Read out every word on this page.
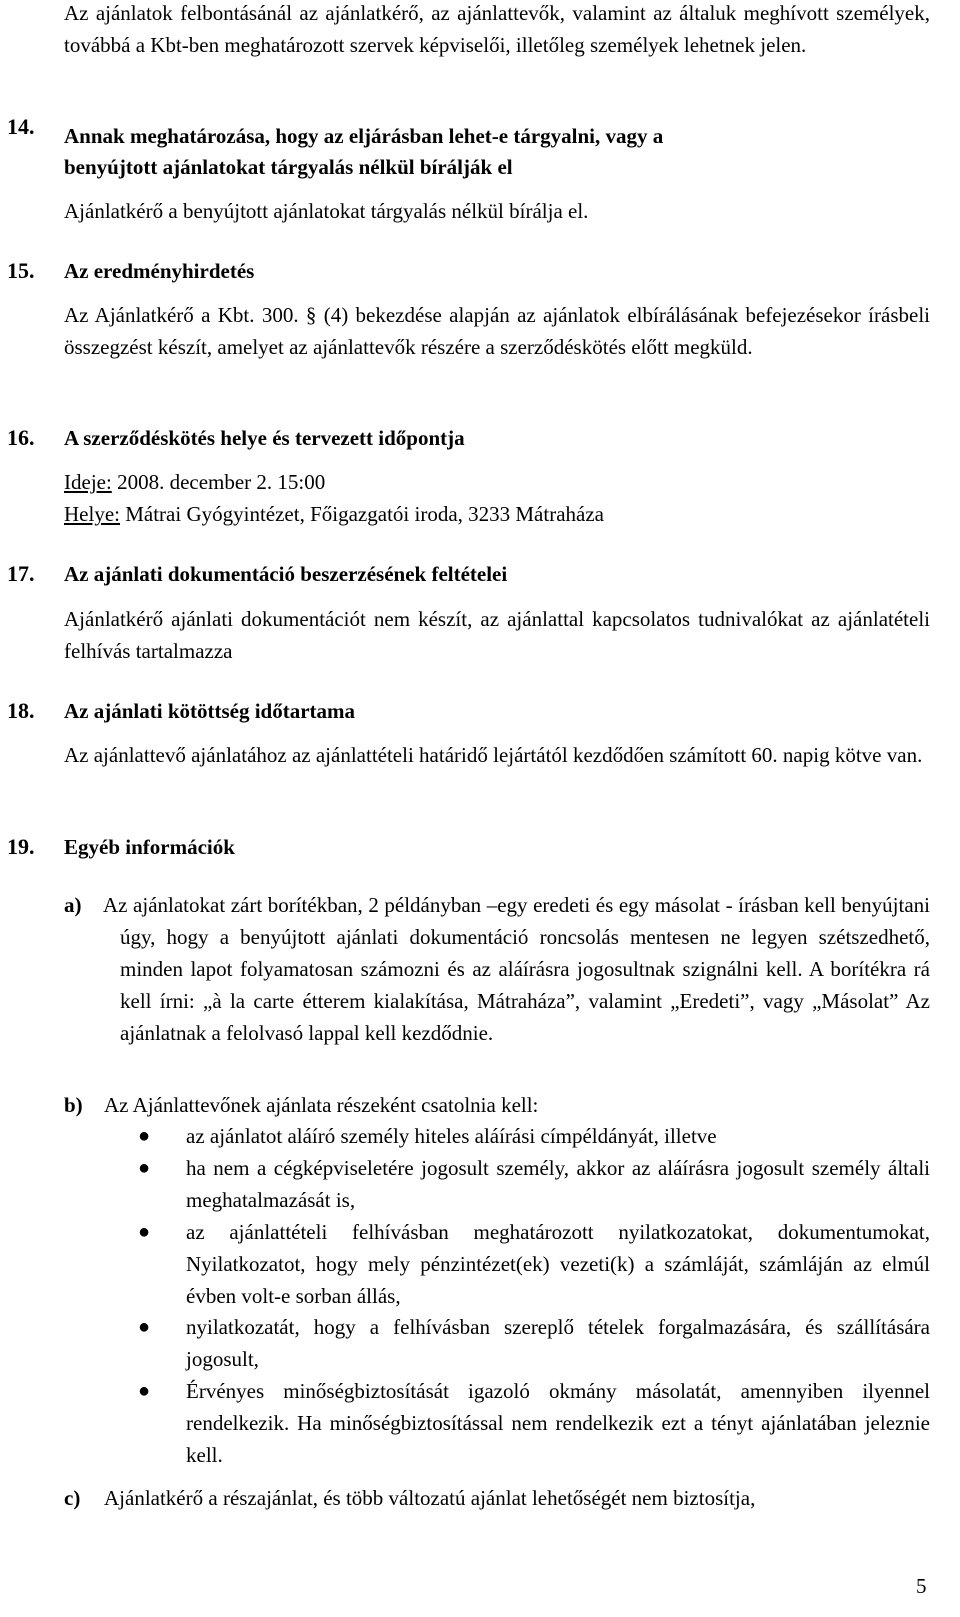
Az ajánlatok felbontásánál az ajánlatkérő, az ajánlattevők, valamint az általuk meghívott személyek, továbbá a Kbt-ben meghatározott szervek képviselői, illetőleg személyek lehetnek jelen.
14. Annak meghatározása, hogy az eljárásban lehet-e tárgyalni, vagy a
benyújtott ajánlatokat tárgyalás nélkül bírálják el
Ajánlatkérő a benyújtott ajánlatokat tárgyalás nélkül bírálja el.
15. Az eredményhirdetés
Az Ajánlatkérő a Kbt. 300. § (4) bekezdése alapján az ajánlatok elbírálásának befejezésekor írásbeli összegzést készít, amelyet az ajánlattevők részére a szerződéskötés előtt megküld.
16. A szerződéskötés helye és tervezett időpontja
Ideje: 2008. december 2. 15:00
Helye: Mátrai Gyógyintézet, Főigazgatói iroda, 3233 Mátraháza
17. Az ajánlati dokumentáció beszerzésének feltételei
Ajánlatkérő ajánlati dokumentációt nem készít, az ajánlattal kapcsolatos tudnivalókat az ajánlatételi felhívás tartalmazza
18. Az ajánlati kötöttség időtartama
Az ajánlattevő ajánlatához az ajánlattételi határidő lejártától kezdődően számított 60. napig kötve van.
19. Egyéb információk
a) Az ajánlatokat zárt borítékban, 2 példányban –egy eredeti és egy másolat - írásban kell benyújtani úgy, hogy a benyújtott ajánlati dokumentáció roncsolás mentesen ne legyen szétszedhető, minden lapot folyamatosan számozni és az aláírásra jogosultnak szignálni kell. A borítékra rá kell írni: „à la carte étterem kialakítása, Mátraháza”, valamint „Eredeti”, vagy „Másolat” Az ajánlatnak a felolvasó lappal kell kezdődnie.
b) Az Ajánlattevőnek ajánlata részeként csatolnia kell:
● az ajánlatot aláíró személy hiteles aláírási címpéldányát, illetve
● ha nem a cégképviseletére jogosult személy, akkor az aláírásra jogosult személy általi meghatalmazását is,
● az ajánlattételi felhívásban meghatározott nyilatkozatokat, dokumentumokat, Nyilatkozatot, hogy mely pénzintézet(ek) vezeti(k) a számláját, számláján az elmúl évben volt-e sorban állás,
● nyilatkozatát, hogy a felhívásban szereplő tételek forgalmazására, és szállítására jogosult,
● Érvényes minőségbiztosítását igazoló okmány másolatát, amennyiben ilyennel rendelkezik. Ha minőségbiztosítással nem rendelkezik ezt a tényt ajánlatában jeleznie kell.
c) Ajánlatkérő a részajánlat, és több változatú ajánlat lehetőségét nem biztosítja,
5
